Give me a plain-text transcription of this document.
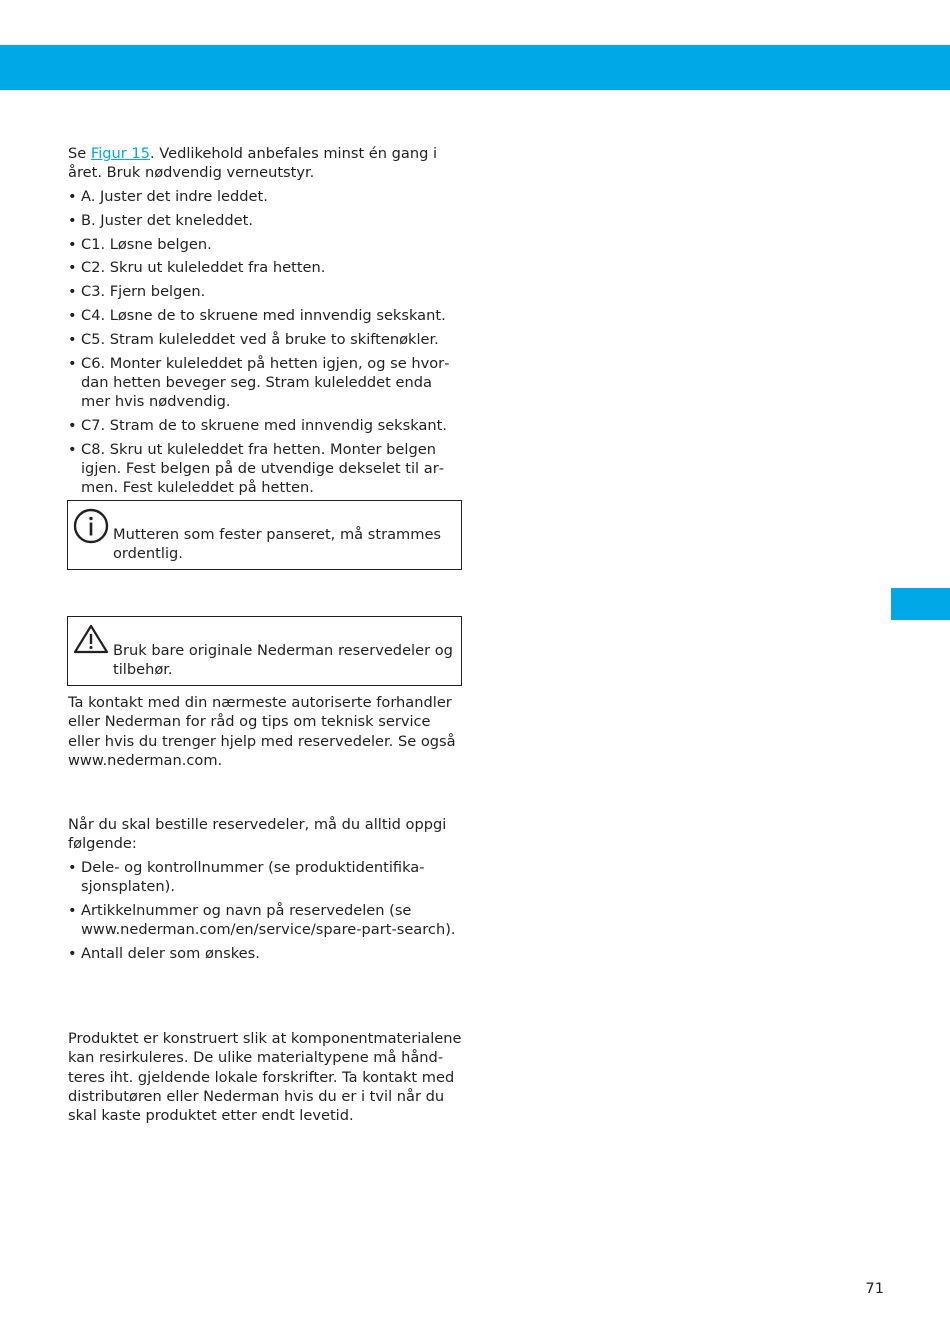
Se Figur 15. Vedlikehold anbefales minst én gang i året. Bruk nødvendig verneutstyr.

• A. Juster det indre leddet.
• B. Juster det kneleddet.
• C1. Løsne belgen.
• C2. Skru ut kuleleddet fra hetten.
• C3. Fjern belgen.
• C4. Løsne de to skruene med innvendig sekskant.
• C5. Stram kuleleddet ved å bruke to skiftenøkler.
• C6. Monter kuleleddet på hetten igjen, og se hvordan hetten beveger seg. Stram kuleleddet enda mer hvis nødvendig.
• C7. Stram de to skruene med innvendig sekskant.
• C8. Skru ut kuleleddet fra hetten. Monter belgen igjen. Fest belgen på de utvendige dekselet til armen. Fest kuleleddet på hetten.
Mutteren som fester panseret, må strammes ordentlig.
Bruk bare originale Nederman reservedeler og tilbehør.

Ta kontakt med din nærmeste autoriserte forhandler eller Nederman for råd og tips om teknisk service eller hvis du trenger hjelp med reservedeler. Se også www.nederman.com.

Når du skal bestille reservedeler, må du alltid oppgi følgende:

• Dele- og kontrollnummer (se produktidentifikasjonsplaten).
• Artikkelnummer og navn på reservedelen (se www.nederman.com/en/service/spare-part-search).
• Antall deler som ønskes.

Produktet er konstruert slik at komponentmaterialene kan resirkuleres. De ulike materialtypene må håndteres iht. gjeldende lokale forskrifter. Ta kontakt med distributøren eller Nederman hvis du er i tvil når du skal kaste produktet etter endt levetid.

71
